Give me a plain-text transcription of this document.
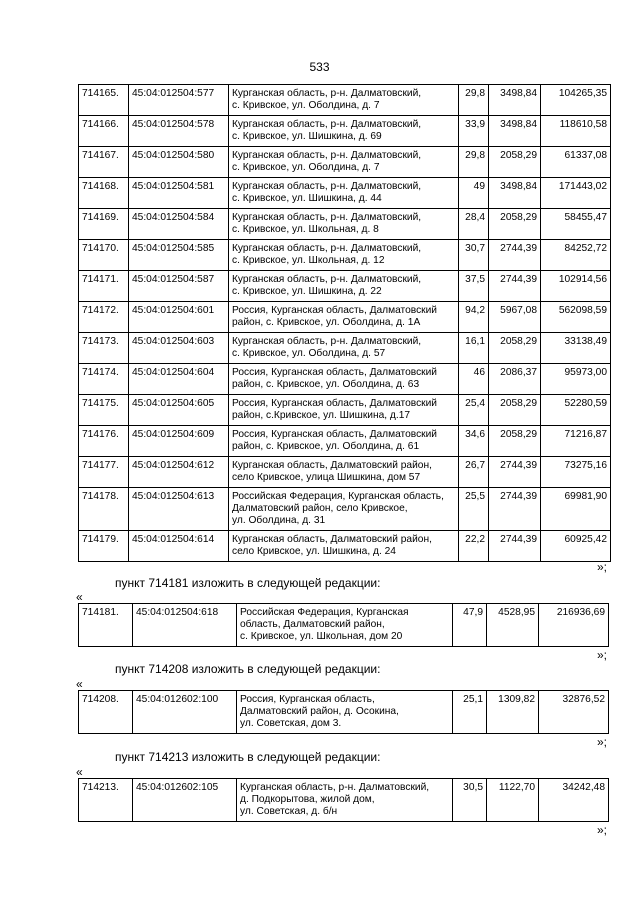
533
714165.	45:04:012504:577	Курганская область, р-н. Далматовский,
с. Кривское, ул. Оболдина, д. 7	29,8	3498,84	104265,35
714166.	45:04:012504:578	Курганская область, р-н. Далматовский,
с. Кривское, ул. Шишкина, д. 69	33,9	3498,84	118610,58
714167.	45:04:012504:580	Курганская область, р-н. Далматовский,
с. Кривское, ул. Оболдина, д. 7	29,8	2058,29	61337,08
714168.	45:04:012504:581	Курганская область, р-н. Далматовский,
с. Кривское, ул. Шишкина, д. 44	49	3498,84	171443,02
714169.	45:04:012504:584	Курганская область, р-н. Далматовский,
с. Кривское, ул. Школьная, д. 8	28,4	2058,29	58455,47
714170.	45:04:012504:585	Курганская область, р-н. Далматовский,
с. Кривское, ул. Школьная, д. 12	30,7	2744,39	84252,72
714171.	45:04:012504:587	Курганская область, р-н. Далматовский,
с. Кривское, ул. Шишкина, д. 22	37,5	2744,39	102914,56
714172.	45:04:012504:601	Россия, Курганская область, Далматовский
район, с. Кривское, ул. Оболдина, д. 1А	94,2	5967,08	562098,59
714173.	45:04:012504:603	Курганская область, р-н. Далматовский,
с. Кривское, ул. Оболдина, д. 57	16,1	2058,29	33138,49
714174.	45:04:012504:604	Россия, Курганская область, Далматовский
район, с. Кривское, ул. Оболдина, д. 63	46	2086,37	95973,00
714175.	45:04:012504:605	Россия, Курганская область, Далматовский
район, с.Кривское, ул. Шишкина, д.17	25,4	2058,29	52280,59
714176.	45:04:012504:609	Россия, Курганская область, Далматовский
район, с. Кривское, ул. Оболдина, д. 61	34,6	2058,29	71216,87
714177.	45:04:012504:612	Курганская область, Далматовский район,
село Кривское, улица Шишкина, дом 57	26,7	2744,39	73275,16
714178.	45:04:012504:613	Российская Федерация, Курганская область,
Далматовский район, село Кривское,
ул. Оболдина, д. 31	25,5	2744,39	69981,90
714179.	45:04:012504:614	Курганская область, Далматовский район,
село Кривское, ул. Шишкина, д. 24	22,2	2744,39	60925,42
»;
пункт 714181 изложить в следующей редакции:
«
714181.	45:04:012504:618	Российская Федерация, Курганская
область, Далматовский район,
с. Кривское, ул. Школьная, дом 20
	47,9	4528,95	216936,69
»;
пункт 714208 изложить в следующей редакции:
«
714208.	45:04:012602:100	Россия, Курганская область,
Далматовский район, д. Осокина,
ул. Советская, дом 3.
	25,1	1309,82	32876,52
»;
пункт 714213 изложить в следующей редакции:
«
714213.	45:04:012602:105	Курганская область, р-н. Далматовский,
д. Подкорытова, жилой дом,
ул. Советская, д. б/н
	30,5	1122,70	34242,48
»;
